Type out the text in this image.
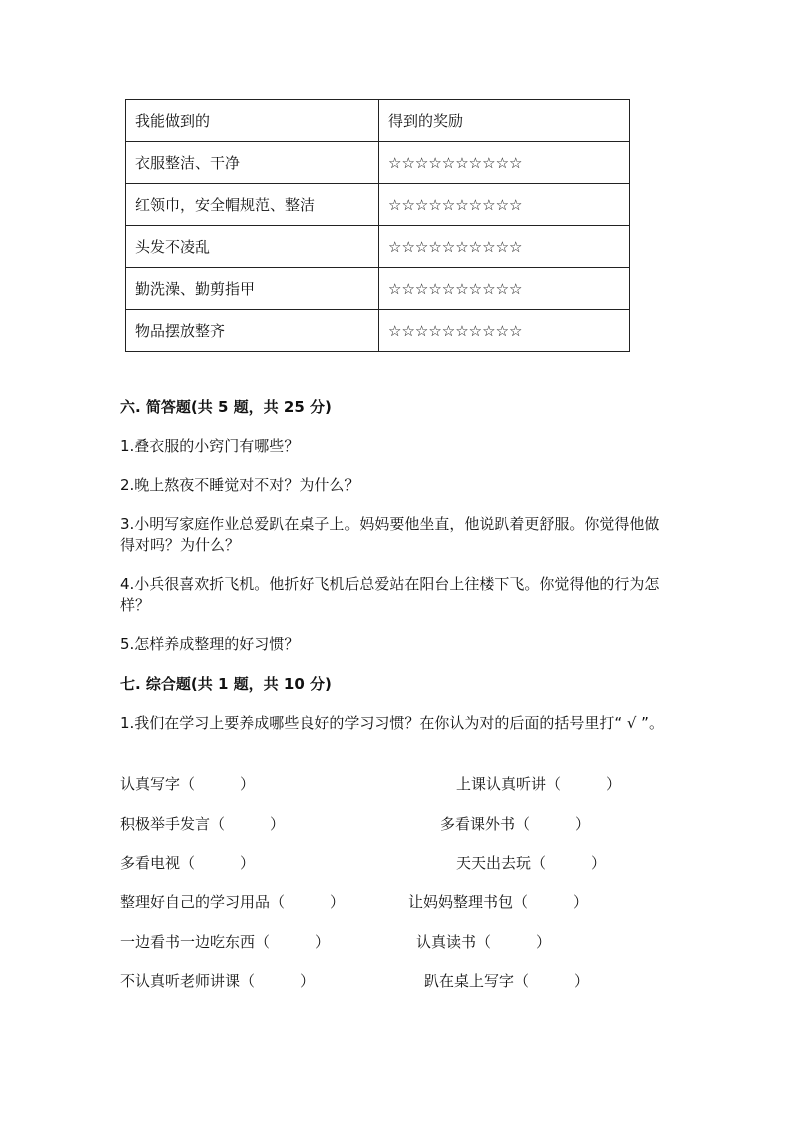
我能做到的	得到的奖励
衣服整洁、干净	☆☆☆☆☆☆☆☆☆☆
红领巾，安全帽规范、整洁	☆☆☆☆☆☆☆☆☆☆
头发不凌乱	☆☆☆☆☆☆☆☆☆☆
勤洗澡、勤剪指甲	☆☆☆☆☆☆☆☆☆☆
物品摆放整齐	☆☆☆☆☆☆☆☆☆☆
六. 简答题(共 5 题，共 25 分)
1.叠衣服的小窍门有哪些？
2.晚上熬夜不睡觉对不对？为什么？
3.小明写家庭作业总爱趴在桌子上。妈妈要他坐直，他说趴着更舒服。你觉得他做得对吗？为什么？
4.小兵很喜欢折飞机。他折好飞机后总爱站在阳台上往楼下飞。你觉得他的行为怎样？
5.怎样养成整理的好习惯？
七. 综合题(共 1 题，共 10 分)
1.我们在学习上要养成哪些良好的学习习惯？在你认为对的后面的括号里打“ √ ”。
认真写字（　　　）	上课认真听讲（　　　）
积极举手发言（　　　）	多看课外书（　　　）
多看电视（　　　）	天天出去玩（　　　）
整理好自己的学习用品（　　　）	让妈妈整理书包（　　　）
一边看书一边吃东西（　　　）	认真读书（　　　）
不认真听老师讲课（　　　）	趴在桌上写字（　　　）
